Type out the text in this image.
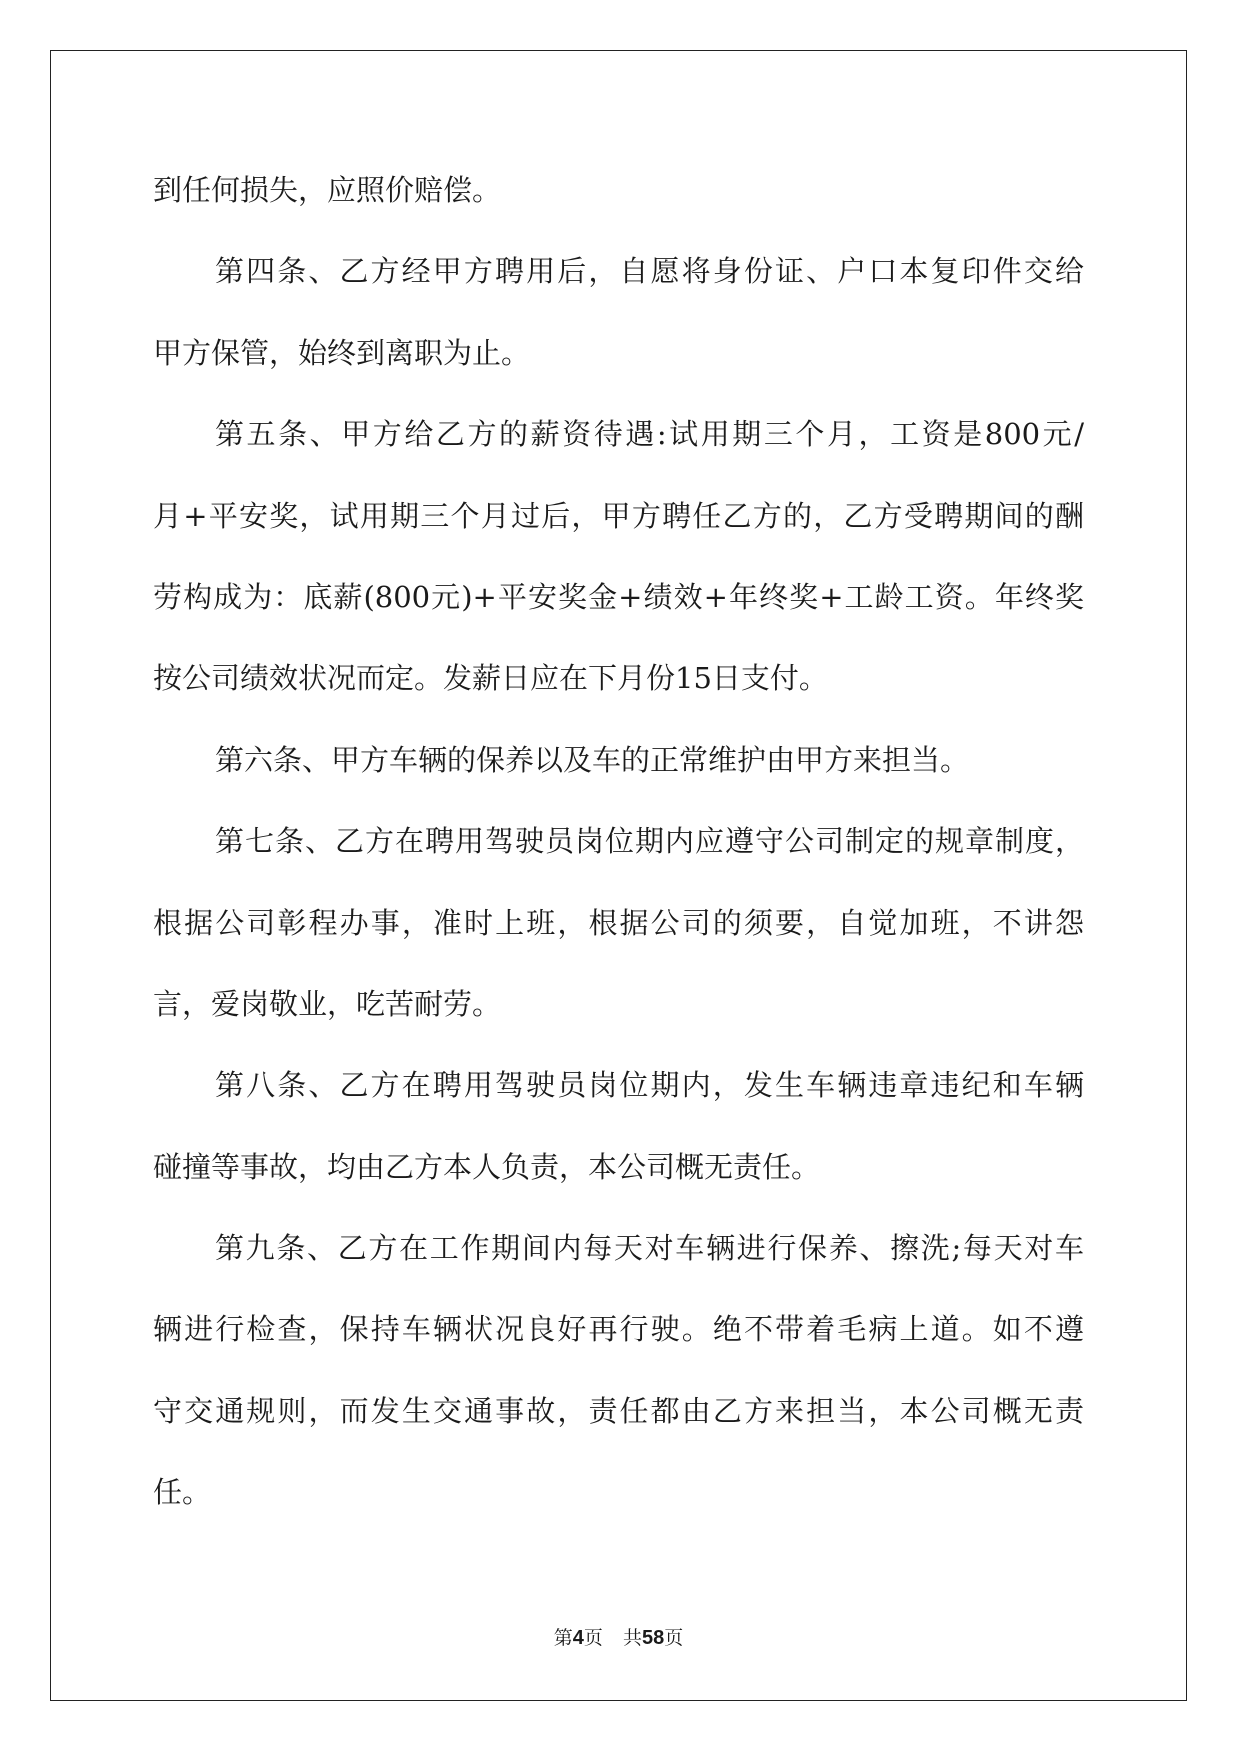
到任何损失，应照价赔偿。
第四条、乙方经甲方聘用后，自愿将身份证、户口本复印件交给
甲方保管，始终到离职为止。
第五条、甲方给乙方的薪资待遇:试用期三个月，工资是800元/
月+平安奖，试用期三个月过后，甲方聘任乙方的，乙方受聘期间的酬
劳构成为：底薪(800元)+平安奖金+绩效+年终奖+工龄工资。年终奖
按公司绩效状况而定。发薪日应在下月份15日支付。
第六条、甲方车辆的保养以及车的正常维护由甲方来担当。
第七条、乙方在聘用驾驶员岗位期内应遵守公司制定的规章制度，
根据公司彰程办事，准时上班，根据公司的须要，自觉加班，不讲怨
言，爱岗敬业，吃苦耐劳。
第八条、乙方在聘用驾驶员岗位期内，发生车辆违章违纪和车辆
碰撞等事故，均由乙方本人负责，本公司概无责任。
第九条、乙方在工作期间内每天对车辆进行保养、擦洗;每天对车
辆进行检查，保持车辆状况良好再行驶。绝不带着毛病上道。如不遵
守交通规则，而发生交通事故，责任都由乙方来担当，本公司概无责
任。
第4页 共58页
